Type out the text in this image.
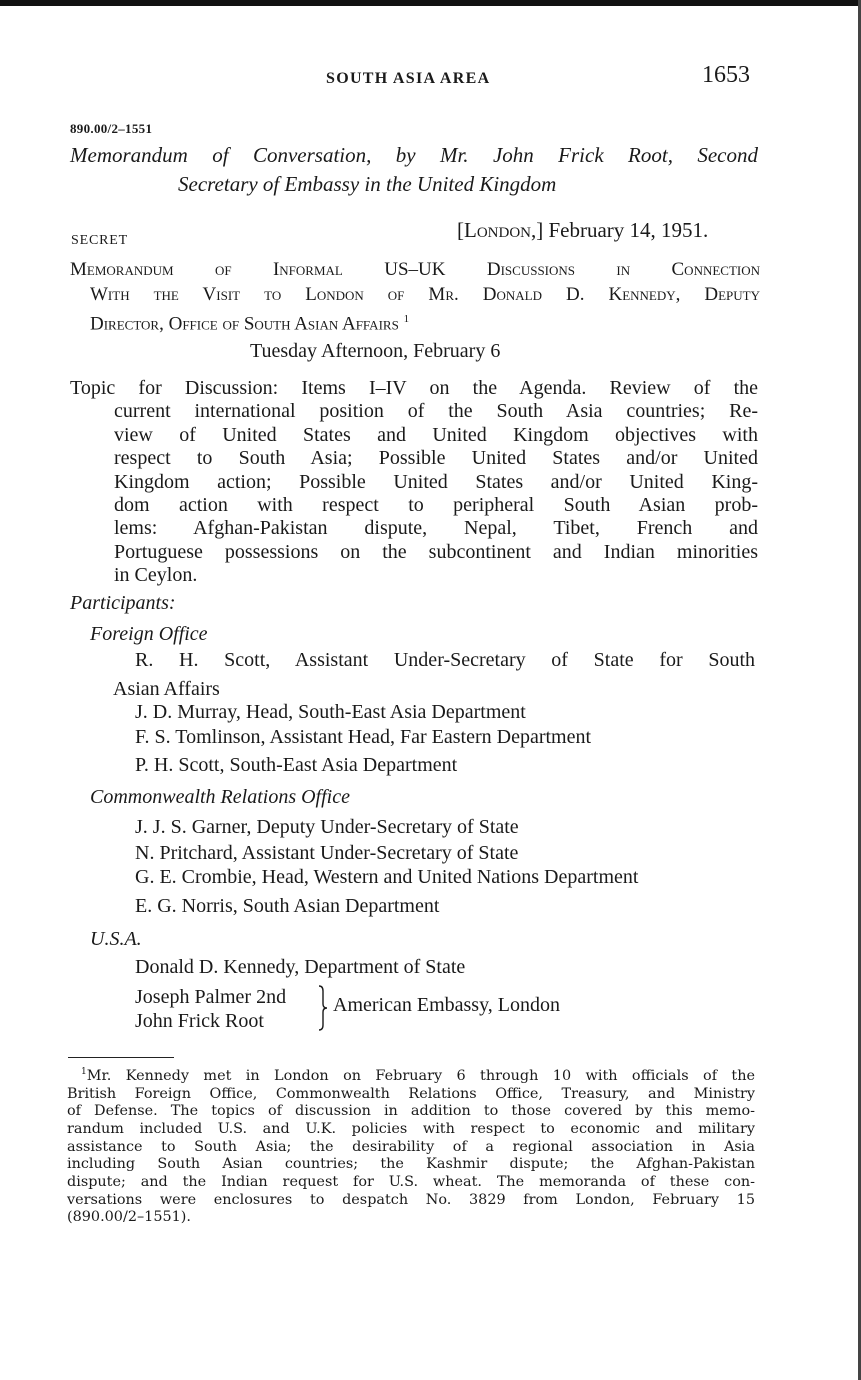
SOUTH ASIA AREA	1653
890.00/2–1551
Memorandum of Conversation, by Mr. John Frick Root, Second
Secretary of Embassy in the United Kingdom
SECRET	[London,] February 14, 1951.
Memorandum of Informal US–UK Discussions in Connection
With the Visit to London of Mr. Donald D. Kennedy, Deputy
Director, Office of South Asian Affairs $^1$
Tuesday Afternoon, February 6
Topic for Discussion: Items I–IV on the Agenda. Review of the
current international position of the South Asia countries; Re-
view of United States and United Kingdom objectives with
respect to South Asia; Possible United States and/or United
Kingdom action; Possible United States and/or United King-
dom action with respect to peripheral South Asian prob-
lems: Afghan-Pakistan dispute, Nepal, Tibet, French and
Portuguese possessions on the subcontinent and Indian minorities
in Ceylon.
Participants:
Foreign Office
R. H. Scott, Assistant Under-Secretary of State for South
Asian Affairs
J. D. Murray, Head, South-East Asia Department
F. S. Tomlinson, Assistant Head, Far Eastern Department
P. H. Scott, South-East Asia Department
Commonwealth Relations Office
J. J. S. Garner, Deputy Under-Secretary of State
N. Pritchard, Assistant Under-Secretary of State
G. E. Crombie, Head, Western and United Nations Department
E. G. Norris, South Asian Department
U.S.A.
Donald D. Kennedy, Department of State
Joseph Palmer 2nd
John Frick Root
American Embassy, London
$^1$Mr. Kennedy met in London on February 6 through 10 with officials of the
British Foreign Office, Commonwealth Relations Office, Treasury, and Ministry
of Defense. The topics of discussion in addition to those covered by this memo-
randum included U.S. and U.K. policies with respect to economic and military
assistance to South Asia; the desirability of a regional association in Asia
including South Asian countries; the Kashmir dispute; the Afghan-Pakistan
dispute; and the Indian request for U.S. wheat. The memoranda of these con-
versations were enclosures to despatch No. 3829 from London, February 15
(890.00/2–1551).
